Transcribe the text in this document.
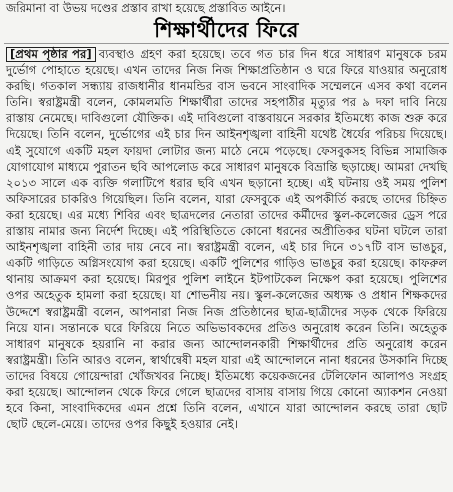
জরিমানা বা উভয় দণ্ডের প্রস্তাব রাখা হয়েছে প্রস্তাবিত আইনে।
শিক্ষার্থীদের ফিরে

[প্রথম পৃষ্ঠার পর] ব্যবস্থাও গ্রহণ করা হয়েছে। তবে গত চার দিন ধরে সাধারণ মানুষকে চরম দুর্ভোগ পোহাতে হয়েছে। এখন তাদের নিজ নিজ শিক্ষাপ্রতিষ্ঠান ও ঘরে ফিরে যাওয়ার অনুরোধ করছি। গতকাল সন্ধ্যায় রাজধানীর ধানমন্ডির বাস ভবনে সাংবাদিক সম্মেলনে এসব কথা বলেন তিনি। স্বরাষ্ট্রমন্ত্রী বলেন, কোমলমতি শিক্ষার্থীরা তাদের সহপাঠীর মৃত্যুর পর ৯ দফা দাবি নিয়ে রাস্তায় নেমেছে। দাবিগুলো যৌক্তিক। এই দাবিগুলো বাস্তবায়নে সরকার ইতিমধ্যে কাজ শুরু করে দিয়েছে। তিনি বলেন, দুর্ভোগের এই চার দিন আইনশৃঙ্খলা বাহিনী যথেষ্ট ধৈর্যের পরিচয় দিয়েছে। এই সুযোগে একটি মহল ফায়দা লোটার জন্য মাঠে নেমে পড়েছে। ফেসবুকসহ বিভিন্ন সামাজিক যোগাযোগ মাধ্যমে পুরাতন ছবি আপলোড করে সাধারণ মানুষকে বিভ্রান্তি ছড়াচ্ছে। আমরা দেখছি ২০১৩ সালে এক ব্যক্তি গলাটিপে ধরার ছবি এখন ছড়ানো হচ্ছে। এই ঘটনায় ওই সময় পুলিশ অফিসারের চাকরিও গিয়েছিল। তিনি বলেন, যারা ফেসবুকে এই অপকীর্তি করছে তাদের চিহ্নিত করা হয়েছে। এর মধ্যে শিবির এবং ছাত্রদলের নেতারা তাদের কর্মীদের স্কুল-কলেজের ড্রেস পরে রাস্তায় নামার জন্য নির্দেশ দিচ্ছে। এই পরিস্থিতিতে কোনো ধরনের অপ্রীতিকর ঘটনা ঘটলে তারা আইনশৃঙ্খলা বাহিনী তার দায় নেবে না। স্বরাষ্ট্রমন্ত্রী বলেন, এই চার দিনে ৩১৭টি বাস ভাঙচুর, একটি গাড়িতে অগ্নিসংযোগ করা হয়েছে। একটি পুলিশের গাড়িও ভাঙচুর করা হয়েছে। কাফরুল থানায় আক্রমণ করা হয়েছে। মিরপুর পুলিশ লাইনে ইটপাটকেল নিক্ষেপ করা হয়েছে। পুলিশের ওপর অহেতুক হামলা করা হয়েছে। যা শোভনীয় নয়। স্কুল-কলেজের অধ্যক্ষ ও প্রধান শিক্ষকদের উদ্দেশে স্বরাষ্ট্রমন্ত্রী বলেন, আপনারা নিজ নিজ প্রতিষ্ঠানের ছাত্র-ছাত্রীদের সড়ক থেকে ফিরিয়ে নিয়ে যান। সন্তানকে ঘরে ফিরিয়ে নিতে অভিভাবকদের প্রতিও অনুরোধ করেন তিনি। অহেতুক সাধারণ মানুষকে হয়রানি না করার জন্য আন্দোলনকারী শিক্ষার্থীদের প্রতি অনুরোধ করেন স্বরাষ্ট্রমন্ত্রী। তিনি আরও বলেন, স্বার্থান্বেষী মহল যারা এই আন্দোলনে নানা ধরনের উসকানি দিচ্ছে তাদের বিষয়ে গোয়েন্দারা খোঁজখবর নিচ্ছে। ইতিমধ্যে কয়েকজনের টেলিফোন আলাপও সংগ্রহ করা হয়েছে। আন্দোলন থেকে ফিরে গেলে ছাত্রদের বাসায় বাসায় গিয়ে কোনো অ্যাকশন নেওয়া হবে কিনা, সাংবাদিকদের এমন প্রশ্নে তিনি বলেন, এখানে যারা আন্দোলন করছে তারা ছোট ছোট ছেলে-মেয়ে। তাদের ওপর কিছুই হওয়ার নেই।
